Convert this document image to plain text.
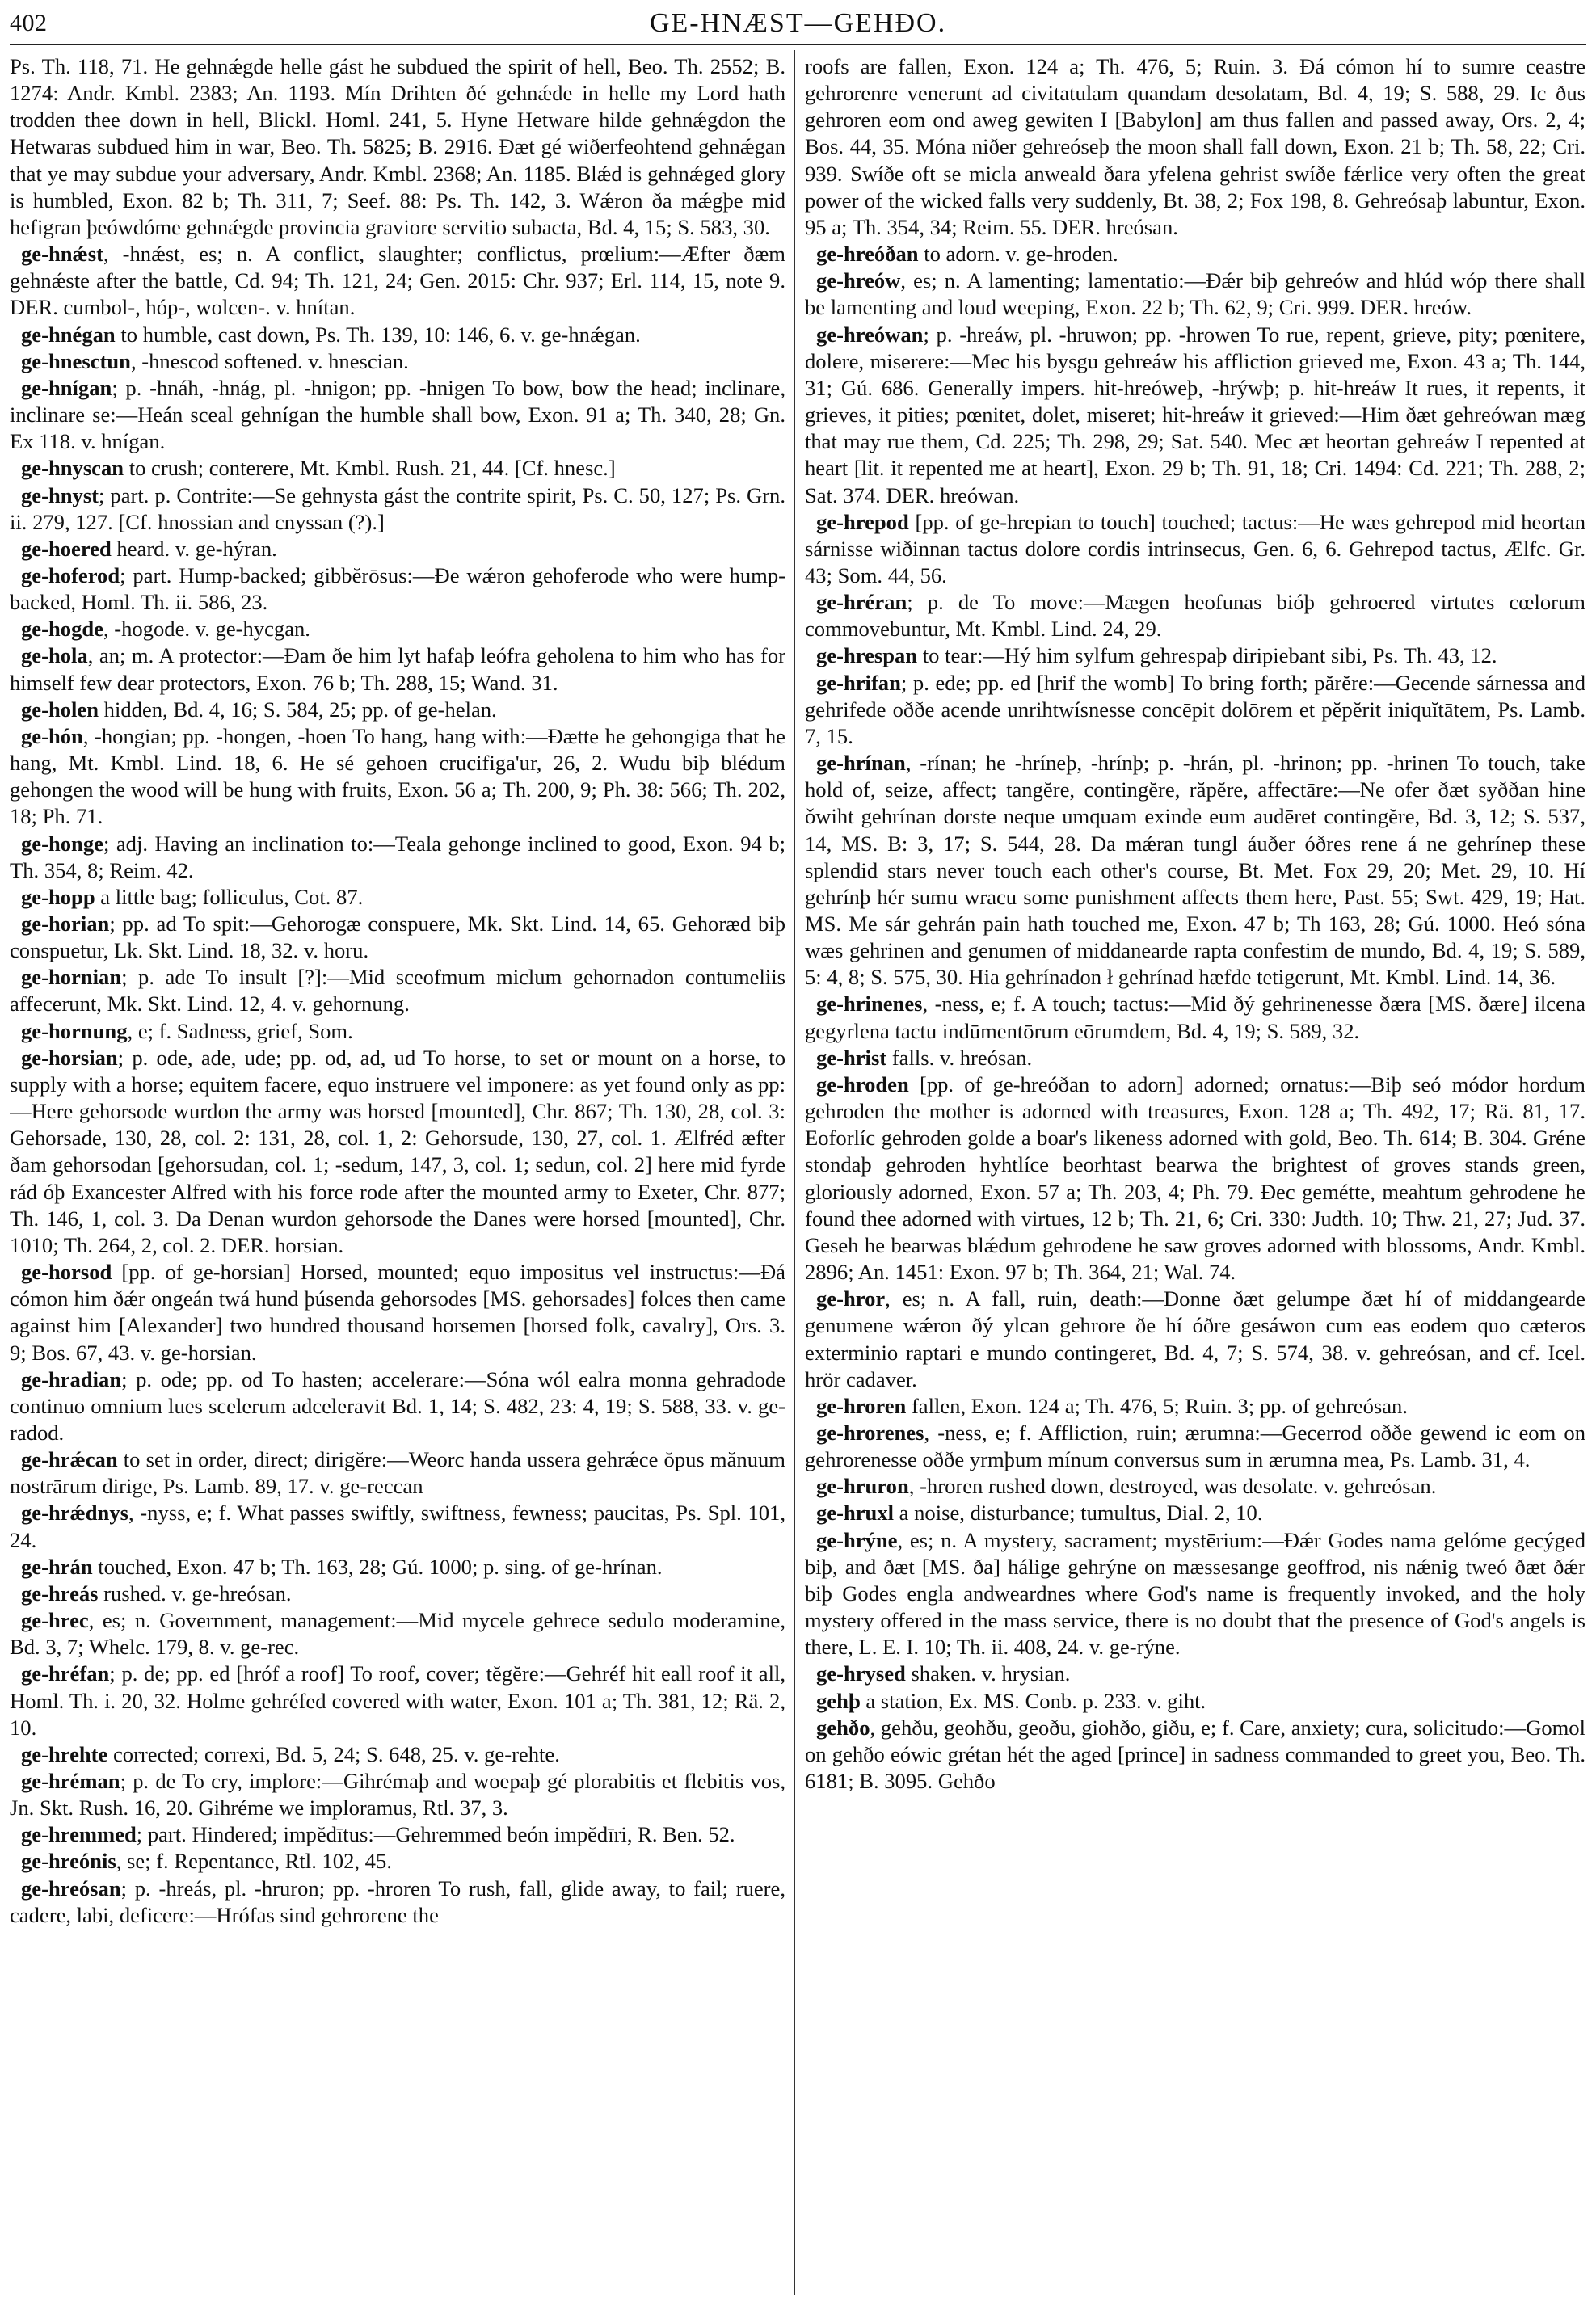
402	GE-HNÆST—GEHÐO.

Ps. Th. 118, 71. He gehnǽgde helle gást he subdued the spirit of hell, Beo. Th. 2552; B. 1274: Andr. Kmbl. 2383; An. 1193. Mín Drihten ðé gehnǽde in helle my Lord hath trodden thee down in hell, Blickl. Homl. 241, 5. Hyne Hetware hilde gehnǽgdon the Hetwaras subdued him in war, Beo. Th. 5825; B. 2916. Ðæt gé wiðerfeohtend gehnǽgan that ye may subdue your adversary, Andr. Kmbl. 2368; An. 1185. Blǽd is gehnǽged glory is humbled, Exon. 82 b; Th. 311, 7; Seef. 88: Ps. Th. 142, 3. Wǽron ða mǽgþe mid hefigran þeówdóme gehnǽgde provincia graviore servitio subacta, Bd. 4, 15; S. 583, 30.

ge-hnǽst, -hnǽst, es; n. A conflict, slaughter; conflictus, prœlium:—Æfter ðæm gehnǽste after the battle, Cd. 94; Th. 121, 24; Gen. 2015: Chr. 937; Erl. 114, 15, note 9. DER. cumbol-, hóp-, wolcen-. v. hnítan.

ge-hnégan to humble, cast down, Ps. Th. 139, 10: 146, 6. v. ge-hnǽgan.

ge-hnesctun, -hnescod softened. v. hnescian.

ge-hnígan; p. -hnáh, -hnág, pl. -hnigon; pp. -hnigen To bow, bow the head; inclinare, inclinare se:—Heán sceal gehnígan the humble shall bow, Exon. 91 a; Th. 340, 28; Gn. Ex 118. v. hnígan.

ge-hnyscan to crush; conterere, Mt. Kmbl. Rush. 21, 44. [Cf. hnesc.]

ge-hnyst; part. p. Contrite:—Se gehnysta gást the contrite spirit, Ps. C. 50, 127; Ps. Grn. ii. 279, 127. [Cf. hnossian and cnyssan (?).]

ge-hoered heard. v. ge-hýran.

ge-hoferod; part. Hump-backed; gibbĕrōsus:—Ðe wǽron gehoferode who were hump-backed, Homl. Th. ii. 586, 23.

ge-hogde, -hogode. v. ge-hycgan.

ge-hola, an; m. A protector:—Ðam ðe him lyt hafaþ leófra geholena to him who has for himself few dear protectors, Exon. 76 b; Th. 288, 15; Wand. 31.

ge-holen hidden, Bd. 4, 16; S. 584, 25; pp. of ge-helan.

ge-hón, -hongian; pp. -hongen, -hoen To hang, hang with:—Ðætte he gehongiga that he hang, Mt. Kmbl. Lind. 18, 6. He sé gehoen crucifiga'ur, 26, 2. Wudu biþ blédum gehongen the wood will be hung with fruits, Exon. 56 a; Th. 200, 9; Ph. 38: 566; Th. 202, 18; Ph. 71.

ge-honge; adj. Having an inclination to:—Teala gehonge inclined to good, Exon. 94 b; Th. 354, 8; Reim. 42.

ge-hopp a little bag; folliculus, Cot. 87.

ge-horian; pp. ad To spit:—Gehorogæ conspuere, Mk. Skt. Lind. 14, 65. Gehoræd biþ conspuetur, Lk. Skt. Lind. 18, 32. v. horu.

ge-hornian; p. ade To insult [?]:—Mid sceofmum miclum gehornadon contumeliis affecerunt, Mk. Skt. Lind. 12, 4. v. gehornung.

ge-hornung, e; f. Sadness, grief, Som.

ge-horsian; p. ode, ade, ude; pp. od, ad, ud To horse, to set or mount on a horse, to supply with a horse; equitem facere, equo instruere vel imponere: as yet found only as pp:—Here gehorsode wurdon the army was horsed [mounted], Chr. 867; Th. 130, 28, col. 3: Gehorsade, 130, 28, col. 2: 131, 28, col. 1, 2: Gehorsude, 130, 27, col. 1. Ælfréd æfter ðam gehorsodan [gehorsudan, col. 1; -sedum, 147, 3, col. 1; sedun, col. 2] here mid fyrde rád óþ Exancester Alfred with his force rode after the mounted army to Exeter, Chr. 877; Th. 146, 1, col. 3. Ða Denan wurdon gehorsode the Danes were horsed [mounted], Chr. 1010; Th. 264, 2, col. 2. DER. horsian.

ge-horsod [pp. of ge-horsian] Horsed, mounted; equo impositus vel instructus:—Ðá cómon him ðǽr ongeán twá hund þúsenda gehorsodes [MS. gehorsades] folces then came against him [Alexander] two hundred thousand horsemen [horsed folk, cavalry], Ors. 3. 9; Bos. 67, 43. v. ge-horsian.

ge-hradian; p. ode; pp. od To hasten; accelerare:—Sóna wól ealra monna gehradode continuo omnium lues scelerum adceleravit Bd. 1, 14; S. 482, 23: 4, 19; S. 588, 33. v. ge-radod.

ge-hrǽcan to set in order, direct; dirigĕre:—Weorc handa ussera gehrǽce ŏpus mănuum nostrārum dirige, Ps. Lamb. 89, 17. v. ge-reccan

ge-hrǽdnys, -nyss, e; f. What passes swiftly, swiftness, fewness; paucitas, Ps. Spl. 101, 24.

ge-hrán touched, Exon. 47 b; Th. 163, 28; Gú. 1000; p. sing. of ge-hrínan.

ge-hreás rushed. v. ge-hreósan.

ge-hrec, es; n. Government, management:—Mid mycele gehrece sedulo moderamine, Bd. 3, 7; Whelc. 179, 8. v. ge-rec.

ge-hréfan; p. de; pp. ed [hróf a roof] To roof, cover; tĕgĕre:—Gehréf hit eall roof it all, Homl. Th. i. 20, 32. Holme gehréfed covered with water, Exon. 101 a; Th. 381, 12; Rä. 2, 10.

ge-hrehte corrected; correxi, Bd. 5, 24; S. 648, 25. v. ge-rehte.

ge-hréman; p. de To cry, implore:—Gihrémaþ and woepaþ gé plorabitis et flebitis vos, Jn. Skt. Rush. 16, 20. Gihréme we imploramus, Rtl. 37, 3.

ge-hremmed; part. Hindered; impĕdītus:—Gehremmed beón impĕdīri, R. Ben. 52.

ge-hreónis, se; f. Repentance, Rtl. 102, 45.

ge-hreósan; p. -hreás, pl. -hruron; pp. -hroren To rush, fall, glide away, to fail; ruere, cadere, labi, deficere:—Hrófas sind gehrorene the

roofs are fallen, Exon. 124 a; Th. 476, 5; Ruin. 3. Ðá cómon hí to sumre ceastre gehrorenre venerunt ad civitatulam quandam desolatam, Bd. 4, 19; S. 588, 29. Ic ðus gehroren eom ond aweg gewiten I [Babylon] am thus fallen and passed away, Ors. 2, 4; Bos. 44, 35. Móna niðer gehreóseþ the moon shall fall down, Exon. 21 b; Th. 58, 22; Cri. 939. Swíðe oft se micla anweald ðara yfelena gehrist swíðe fǽrlice very often the great power of the wicked falls very suddenly, Bt. 38, 2; Fox 198, 8. Gehreósaþ labuntur, Exon. 95 a; Th. 354, 34; Reim. 55. DER. hreósan.

ge-hreóðan to adorn. v. ge-hroden.

ge-hreów, es; n. A lamenting; lamentatio:—Ðǽr biþ gehreów and hlúd wóp there shall be lamenting and loud weeping, Exon. 22 b; Th. 62, 9; Cri. 999. DER. hreów.

ge-hreówan; p. -hreáw, pl. -hruwon; pp. -hrowen To rue, repent, grieve, pity; pœnitere, dolere, miserere:—Mec his bysgu gehreáw his affliction grieved me, Exon. 43 a; Th. 144, 31; Gú. 686. Generally impers. hit-hreóweþ, -hrýwþ; p. hit-hreáw It rues, it repents, it grieves, it pities; pœnitet, dolet, miseret; hit-hreáw it grieved:—Him ðæt gehreówan mæg that may rue them, Cd. 225; Th. 298, 29; Sat. 540. Mec æt heortan gehreáw I repented at heart [lit. it repented me at heart], Exon. 29 b; Th. 91, 18; Cri. 1494: Cd. 221; Th. 288, 2; Sat. 374. DER. hreówan.

ge-hrepod [pp. of ge-hrepian to touch] touched; tactus:—He wæs gehrepod mid heortan sárnisse wiðinnan tactus dolore cordis intrinsecus, Gen. 6, 6. Gehrepod tactus, Ælfc. Gr. 43; Som. 44, 56.

ge-hréran; p. de To move:—Mægen heofunas bióþ gehroered virtutes cœlorum commovebuntur, Mt. Kmbl. Lind. 24, 29.

ge-hrespan to tear:—Hý him sylfum gehrespaþ diripiebant sibi, Ps. Th. 43, 12.

ge-hrifan; p. ede; pp. ed [hrif the womb] To bring forth; părĕre:—Gecende sárnessa and gehrifede oððe acende unrihtwísnesse concēpit dolōrem et pĕpĕrit iniquĭtātem, Ps. Lamb. 7, 15.

ge-hrínan, -rínan; he -hríneþ, -hrínþ; p. -hrán, pl. -hrinon; pp. -hrinen To touch, take hold of, seize, affect; tangĕre, contingĕre, răpĕre, affectāre:—Ne ofer ðæt syððan hine ǒwiht gehrínan dorste neque umquam exinde eum audēret contingĕre, Bd. 3, 12; S. 537, 14, MS. B: 3, 17; S. 544, 28. Ða mǽran tungl áuðer óðres rene á ne gehrínep these splendid stars never touch each other's course, Bt. Met. Fox 29, 20; Met. 29, 10. Hí gehrínþ hér sumu wracu some punishment affects them here, Past. 55; Swt. 429, 19; Hat. MS. Me sár gehrán pain hath touched me, Exon. 47 b; Th 163, 28; Gú. 1000. Heó sóna wæs gehrinen and genumen of middanearde rapta confestim de mundo, Bd. 4, 19; S. 589, 5: 4, 8; S. 575, 30. Hia gehrínadon ł gehrínad hæfde tetigerunt, Mt. Kmbl. Lind. 14, 36.

ge-hrinenes, -ness, e; f. A touch; tactus:—Mid ðý gehrinenesse ðæra [MS. ðære] ilcena gegyrlena tactu indūmentōrum eōrumdem, Bd. 4, 19; S. 589, 32.

ge-hrist falls. v. hreósan.

ge-hroden [pp. of ge-hreóðan to adorn] adorned; ornatus:—Biþ seó módor hordum gehroden the mother is adorned with treasures, Exon. 128 a; Th. 492, 17; Rä. 81, 17. Eoforlíc gehroden golde a boar's likeness adorned with gold, Beo. Th. 614; B. 304. Gréne stondaþ gehroden hyhtlíce beorhtast bearwa the brightest of groves stands green, gloriously adorned, Exon. 57 a; Th. 203, 4; Ph. 79. Ðec gemétte, meahtum gehrodene he found thee adorned with virtues, 12 b; Th. 21, 6; Cri. 330: Judth. 10; Thw. 21, 27; Jud. 37. Geseh he bearwas blǽdum gehrodene he saw groves adorned with blossoms, Andr. Kmbl. 2896; An. 1451: Exon. 97 b; Th. 364, 21; Wal. 74.

ge-hror, es; n. A fall, ruin, death:—Ðonne ðæt gelumpe ðæt hí of middangearde genumene wǽron ðý ylcan gehrore ðe hí óðre gesáwon cum eas eodem quo cæteros exterminio raptari e mundo contingeret, Bd. 4, 7; S. 574, 38. v. gehreósan, and cf. Icel. hrör cadaver.

ge-hroren fallen, Exon. 124 a; Th. 476, 5; Ruin. 3; pp. of gehreósan.

ge-hrorenes, -ness, e; f. Affliction, ruin; ærumna:—Gecerrod oððe gewend ic eom on gehrorenesse oððe yrmþum mínum conversus sum in ærumna mea, Ps. Lamb. 31, 4.

ge-hruron, -hroren rushed down, destroyed, was desolate. v. gehreósan.

ge-hruxl a noise, disturbance; tumultus, Dial. 2, 10.

ge-hrýne, es; n. A mystery, sacrament; mystērium:—Ðǽr Godes nama gelóme gecýged biþ, and ðæt [MS. ða] hálige gehrýne on mæssesange geoffrod, nis nǽnig tweó ðæt ðǽr biþ Godes engla andweardnes where God's name is frequently invoked, and the holy mystery offered in the mass service, there is no doubt that the presence of God's angels is there, L. E. I. 10; Th. ii. 408, 24. v. ge-rýne.

ge-hrysed shaken. v. hrysian.

gehþ a station, Ex. MS. Conb. p. 233. v. giht.

gehðo, gehðu, geohðu, geoðu, giohðo, giðu, e; f. Care, anxiety; cura, solicitudo:—Gomol on gehðo eówic grétan hét the aged [prince] in sadness commanded to greet you, Beo. Th. 6181; B. 3095. Gehðo
